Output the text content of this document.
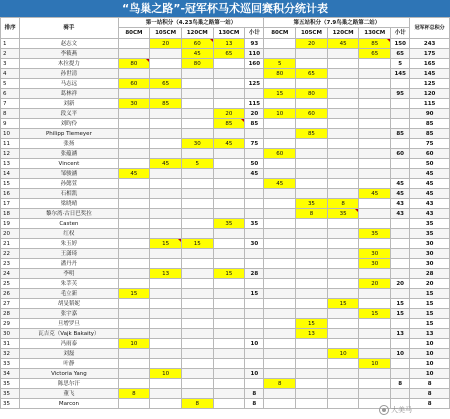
“鸟巢之路”-冠军杯马术巡回赛积分统计表
排序	骑手	第一站积分（4.23鸟巢之路第一站）					第五站积分（7.9鸟巢之路第二站）					冠军杯总积分
		80CM	105CM	120CM	130CM	小计	80CM	105CM	120CM	130CM	小计	
1	赵志文		20	60	13	93		20	45	85	150	243
2	李筱燕			45	65	110				65	65	175
3	木拉提力	80		80		160	5				5	165
4	孙世清						80	65			145	145
5	马志远	60	65			125						125
6	葛林祥						15	80			95	120
7	刘新	30	85			115						115
8	段义平				20	20	10	60				90
9	刘昀伶				85	85						85
10	Philipp Tiemeyer							85			85	85
11	张扬			30	45	75						75
12	张蕴涵						60				60	60
13	Vincent		45	5		50						50
14	邹骏涵	45				45						45
15	孙懿萱						45				45	45
16	石相凯									45	45	45
17	梁晓晴							35	8		43	43
18	黎尔湾·古日巴奖拉							8	35		43	43
19	Casten				35	35						35
20	红权									35		35
21	朱玉婷		15	15		30						30
22	王潇琦									30		30
23	潘丹丹									30		30
24	李明		13		15	28						28
25	朱莘芙									20	20	20
26	毛立新	15				15						15
27	胡旻韬妮								15		15	15
28	张宇嘉									15	15	15
29	旦增罗旦							15				15
30	瓦吉克（Vajk Bakaity）							13			13	13
31	冯雨泰	10				10						10
32	刘磊								10		10	10
33	叶静									10		10
34	Victoria Yang		10			10						10
35	陈思尔汗						8				8	8
35	董飞	8				8						8
35	Marcon			8		8						8
大美马
